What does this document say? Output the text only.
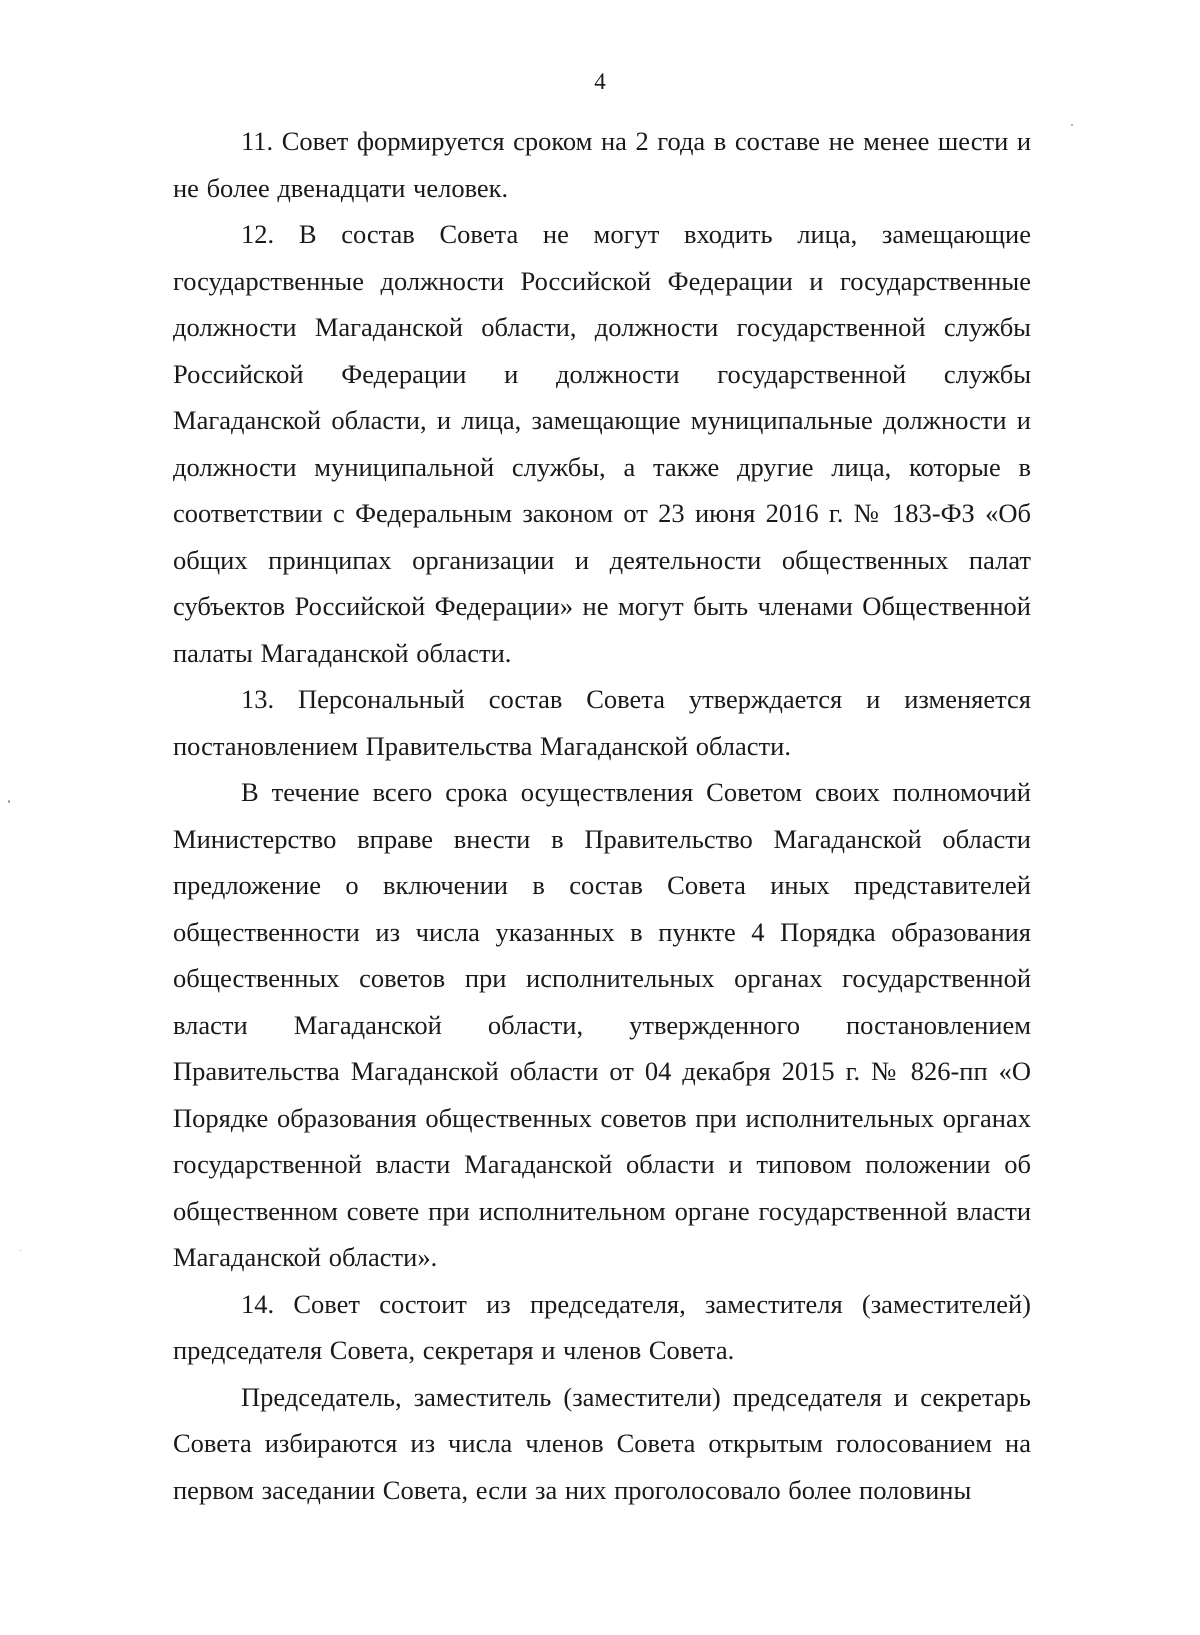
4

11. Совет формируется сроком на 2 года в составе не менее шести и не более двенадцати человек.

12. В состав Совета не могут входить лица, замещающие государственные должности Российской Федерации и государственные должности Магаданской области, должности государственной службы Российской Федерации и должности государственной службы Магаданской области, и лица, замещающие муниципальные должности и должности муниципальной службы, а также другие лица, которые в соответствии с Федеральным законом от 23 июня 2016 г. № 183-ФЗ «Об общих принципах организации и деятельности общественных палат субъектов Российской Федерации» не могут быть членами Общественной палаты Магаданской области.

13. Персональный состав Совета утверждается и изменяется постановлением Правительства Магаданской области.

В течение всего срока осуществления Советом своих полномочий Министерство вправе внести в Правительство Магаданской области предложение о включении в состав Совета иных представителей общественности из числа указанных в пункте 4 Порядка образования общественных советов при исполнительных органах государственной власти Магаданской области, утвержденного постановлением Правительства Магаданской области от 04 декабря 2015 г. № 826-пп «О Порядке образования общественных советов при исполнительных органах государственной власти Магаданской области и типовом положении об общественном совете при исполнительном органе государственной власти Магаданской области».

14. Совет состоит из председателя, заместителя (заместителей) председателя Совета, секретаря и членов Совета.

Председатель, заместитель (заместители) председателя и секретарь Совета избираются из числа членов Совета открытым голосованием на первом заседании Совета, если за них проголосовало более половины
